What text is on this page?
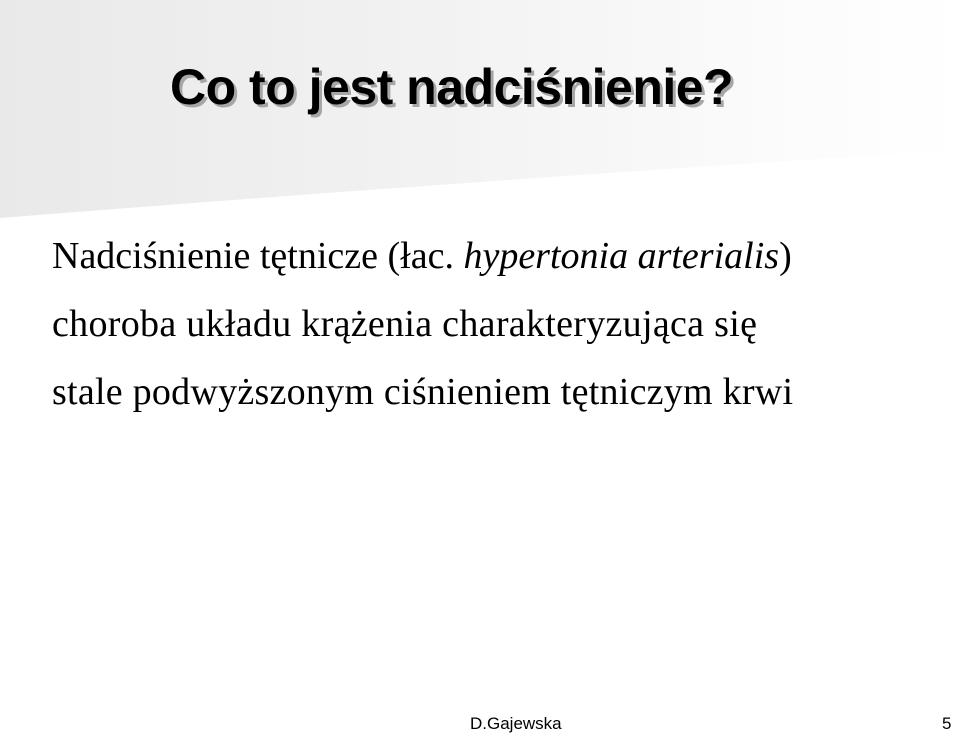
Co to jest nadciśnienie?
Nadciśnienie tętnicze (łac. hypertonia arterialis)
choroba układu krążenia charakteryzująca się
stale podwyższonym ciśnieniem tętniczym krwi
D.Gajewska	5
